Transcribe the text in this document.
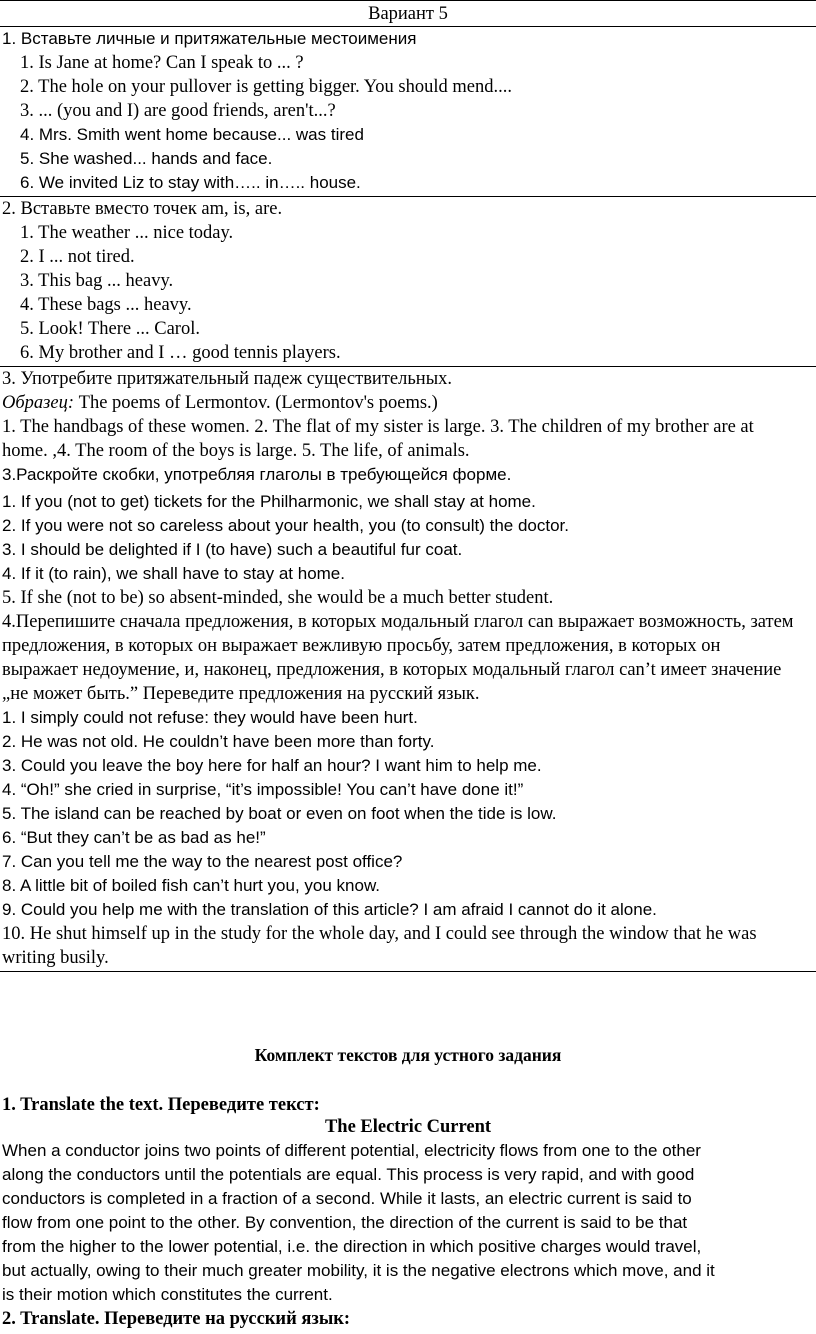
Вариант 5
1. Вставьте личные и притяжательные местоимения
1. Is Jane at home? Can I speak to ... ?
2. The hole on your pullover is getting bigger. You should mend....
3. ... (you and I) are good friends, aren't...?
4. Mrs. Smith went home because... was tired
5. She washed... hands and face.
6. We invited Liz to stay with….. in….. house.
2. Вставьте вместо точек am, is, are.
1. The weather ... nice today.
2. I ... not tired.
3. This bag ... heavy.
4. These bags ... heavy.
5. Look! There ... Carol.
6. My brother and I … good tennis players.
3. Употребите притяжательный падеж существительных.
Образец: The poems of Lermontov. (Lermontov's poems.)
1. The handbags of these women. 2. The flat of my sister is large. 3. The children of my brother are at
home. ,4. The room of the boys is large. 5. The life, of animals.
3.Раскройте скобки, употребляя глаголы в требующейся форме.
1. If you (not to get) tickets for the Philharmonic, we shall stay at home.
2. If you were not so careless about your health, you (to consult) the doctor.
3. I should be delighted if I (to have) such a beautiful fur coat.
4. If it (to rain), we shall have to stay at home.
5. If she (not to be) so absent-minded, she would be a much better student.
4.Перепишите сначала предложения, в которых модальный глагол can выражает возможность, затем
предложения, в которых он выражает вежливую просьбу, затем предложения, в которых он
выражает недоумение, и, наконец, предложения, в которых модальный глагол can’t имеет значение
„не может быть.” Переведите предложения на русский язык.
1. I simply could not refuse: they would have been hurt.
2. He was not old. He couldn’t have been more than forty.
3. Could you leave the boy here for half an hour? I want him to help me.
4. “Oh!” she cried in surprise, “it’s impossible! You can’t have done it!”
5. The island can be reached by boat or even on foot when the tide is low.
6. “But they can’t be as bad as he!”
7. Can you tell me the way to the nearest post office?
8. A little bit of boiled fish can’t hurt you, you know.
9. Could you help me with the translation of this article? I am afraid I cannot do it alone.
10. He shut himself up in the study for the whole day, and I could see through the window that he was
writing busily.
Комплект текстов для устного задания
1. Translate the text. Переведите текст:
The Electric Current
When a conductor joins two points of different potential, electricity flows from one to the other
along the conductors until the potentials are equal. This process is very rapid, and with good
conductors is completed in a fraction of a second. While it lasts, an electric current is said to
flow from one point to the other. By convention, the direction of the current is said to be that
from the higher to the lower potential, i.e. the direction in which positive charges would travel,
but actually, owing to their much greater mobility, it is the negative electrons which move, and it
is their motion which constitutes the current.
2. Translate. Переведите на русский язык:
